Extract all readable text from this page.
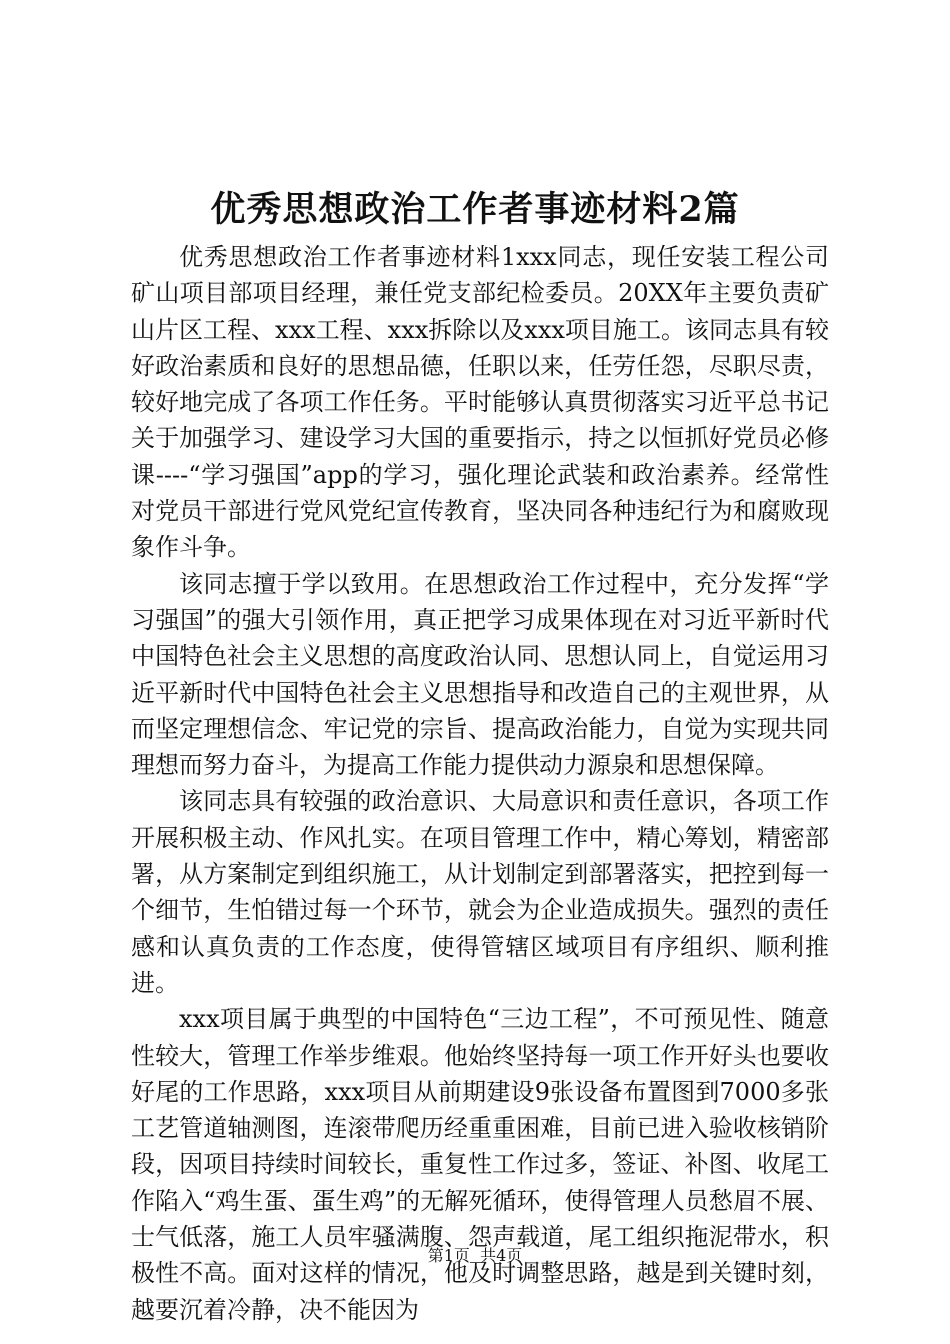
优秀思想政治工作者事迹材料2篇

优秀思想政治工作者事迹材料1xxx同志，现任安装工程公司矿山项目部项目经理，兼任党支部纪检委员。20XX年主要负责矿山片区工程、xxx工程、xxx拆除以及xxx项目施工。该同志具有较好政治素质和良好的思想品德，任职以来，任劳任怨，尽职尽责，较好地完成了各项工作任务。平时能够认真贯彻落实习近平总书记关于加强学习、建设学习大国的重要指示，持之以恒抓好党员必修课----“学习强国”app的学习，强化理论武装和政治素养。经常性对党员干部进行党风党纪宣传教育，坚决同各种违纪行为和腐败现象作斗争。

该同志擅于学以致用。在思想政治工作过程中，充分发挥“学习强国”的强大引领作用，真正把学习成果体现在对习近平新时代中国特色社会主义思想的高度政治认同、思想认同上，自觉运用习近平新时代中国特色社会主义思想指导和改造自己的主观世界，从而坚定理想信念、牢记党的宗旨、提高政治能力，自觉为实现共同理想而努力奋斗，为提高工作能力提供动力源泉和思想保障。

该同志具有较强的政治意识、大局意识和责任意识，各项工作开展积极主动、作风扎实。在项目管理工作中，精心筹划，精密部署，从方案制定到组织施工，从计划制定到部署落实，把控到每一个细节，生怕错过每一个环节，就会为企业造成损失。强烈的责任感和认真负责的工作态度，使得管辖区域项目有序组织、顺利推进。

xxx项目属于典型的中国特色“三边工程”，不可预见性、随意性较大，管理工作举步维艰。他始终坚持每一项工作开好头也要收好尾的工作思路，xxx项目从前期建设9张设备布置图到7000多张工艺管道轴测图，连滚带爬历经重重困难，目前已进入验收核销阶段，因项目持续时间较长，重复性工作过多，签证、补图、收尾工作陷入“鸡生蛋、蛋生鸡”的无解死循环，使得管理人员愁眉不展、士气低落，施工人员牢骚满腹、怨声载道，尾工组织拖泥带水，积极性不高。面对这样的情况，他及时调整思路，越是到关键时刻，越要沉着冷静，决不能因为

第1页  共4页
